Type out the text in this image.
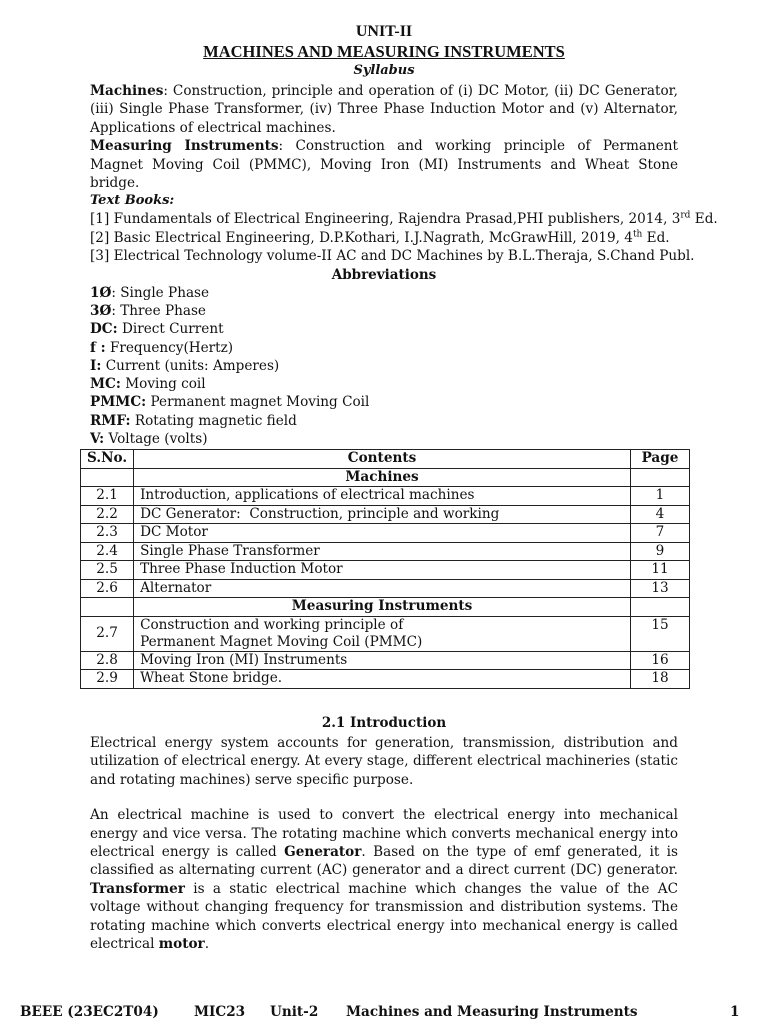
UNIT-II
MACHINES AND MEASURING INSTRUMENTS
Syllabus

Machines: Construction, principle and operation of (i) DC Motor, (ii) DC Generator, (iii) Single Phase Transformer, (iv) Three Phase Induction Motor and (v) Alternator, Applications of electrical machines.

Measuring Instruments: Construction and working principle of Permanent Magnet Moving Coil (PMMC), Moving Iron (MI) Instruments and Wheat Stone bridge.

Text Books:
[1] Fundamentals of Electrical Engineering, Rajendra Prasad,PHI publishers, 2014, 3rd Ed.
[2] Basic Electrical Engineering, D.P.Kothari, I.J.Nagrath, McGrawHill, 2019, 4th Ed.
[3] Electrical Technology volume-II AC and DC Machines by B.L.Theraja, S.Chand Publ.
Abbreviations
1Ø: Single Phase
3Ø: Three Phase
DC: Direct Current
f : Frequency(Hertz)
I: Current (units: Amperes)
MC: Moving coil
PMMC: Permanent magnet Moving Coil
RMF: Rotating magnetic field
V: Voltage (volts)
S.No.	Contents	Page
	Machines	
2.1	Introduction, applications of electrical machines	1
2.2	DC Generator:  Construction, principle and working	4
2.3	DC Motor	7
2.4	Single Phase Transformer	9
2.5	Three Phase Induction Motor	11
2.6	Alternator	13
	Measuring Instruments	
2.7	Construction and working principle of
Permanent Magnet Moving Coil (PMMC)	15
2.8	Moving Iron (MI) Instruments	16
2.9	Wheat Stone bridge.	18
2.1 Introduction

Electrical energy system accounts for generation, transmission, distribution and utilization of electrical energy. At every stage, different electrical machineries (static and rotating machines) serve specific purpose.

An electrical machine is used to convert the electrical energy into mechanical energy and vice versa. The rotating machine which converts mechanical energy into electrical energy is called Generator. Based on the type of emf generated, it is classified as alternating current (AC) generator and a direct current (DC) generator. Transformer is a static electrical machine which changes the value of the AC voltage without changing frequency for transmission and distribution systems. The rotating machine which converts electrical energy into mechanical energy is called electrical motor.

BEEE (23EC2T04)	MIC23 Unit-2 Machines and Measuring Instruments	1
